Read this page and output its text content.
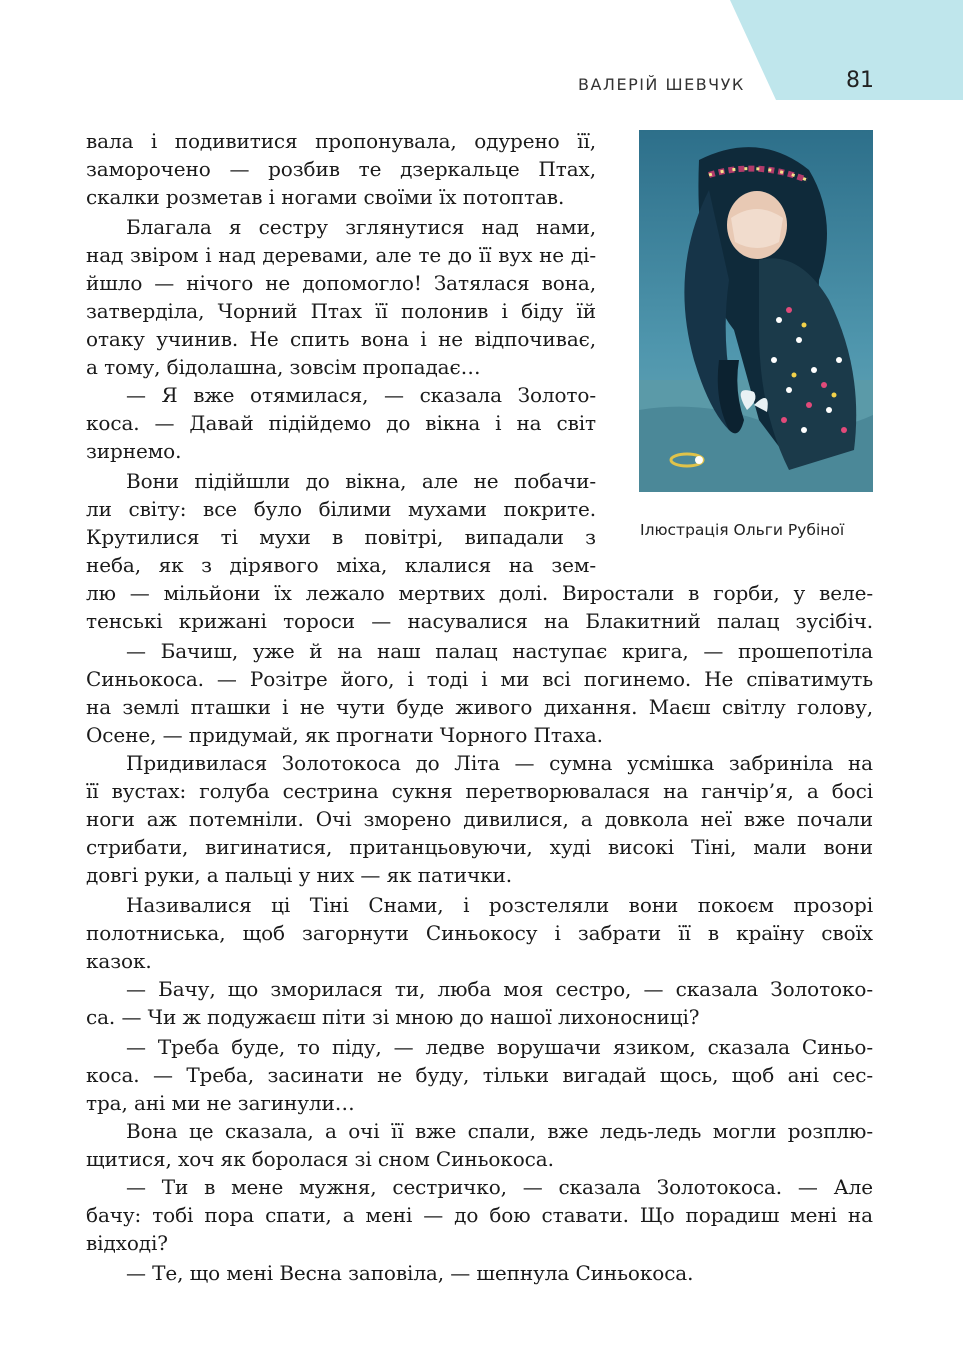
ВАЛЕРІЙ ШЕВЧУК	81
Ілюстрація Ольги Рубіної
вала і подивитися пропонувала, одурено її,
заморочено — розбив те дзеркальце Птах,
скалки розметав і ногами своїми їх потоптав.
Благала я сестру зглянутися над нами,
над звіром і над деревами, але те до її вух не ді-
йшло — нічого не допомогло! Затялася вона,
затверділа, Чорний Птах її полонив і біду їй
отаку учинив. Не спить вона і не відпочиває,
а тому, бідолашна, зовсім пропадає…
— Я вже отямилася, — сказала Золото-
коса. — Давай підійдемо до вікна і на світ
зирнемо.
Вони підійшли до вікна, але не побачи-
ли світу: все було білими мухами покрите.
Крутилися ті мухи в повітрі, випадали з
неба, як з дірявого міха, клалися на зем-
лю — мільйони їх лежало мертвих долі. Виростали в горби, у веле-
тенські крижані тороси — насувалися на Блакитний палац зусібіч.
— Бачиш, уже й на наш палац наступає крига, — прошепотіла
Синьокоса. — Розітре його, і тоді і ми всі погинемо. Не співатимуть
на землі пташки і не чути буде живого дихання. Маєш світлу голову,
Осене, — придумай, як прогнати Чорного Птаха.
Придивилася Золотокоса до Літа — сумна усмішка забриніла на
її вустах: голуба сестрина сукня перетворювалася на ганчір’я, а босі
ноги аж потемніли. Очі зморено дивилися, а довкола неї вже почали
стрибати, вигинатися, пританцьовуючи, худі високі Тіні, мали вони
довгі руки, а пальці у них — як патички.
Називалися ці Тіні Снами, і розстеляли вони покоєм прозорі
полотниська, щоб загорнути Синьокосу і забрати її в країну своїх
казок.
— Бачу, що зморилася ти, люба моя сестро, — сказала Золотоко-
са. — Чи ж подужаєш піти зі мною до нашої лихоносниці?
— Треба буде, то піду, — ледве ворушачи язиком, сказала Синьо-
коса. — Треба, засинати не буду, тільки вигадай щось, щоб ані сес-
тра, ані ми не загинули…
Вона це сказала, а очі її вже спали, вже ледь-ледь могли розплю-
щитися, хоч як боролася зі сном Синьокоса.
— Ти в мене мужня, сестричко, — сказала Золотокоса. — Але
бачу: тобі пора спати, а мені — до бою ставати. Що порадиш мені на
відході?
— Те, що мені Весна заповіла, — шепнула Синьокоса.
